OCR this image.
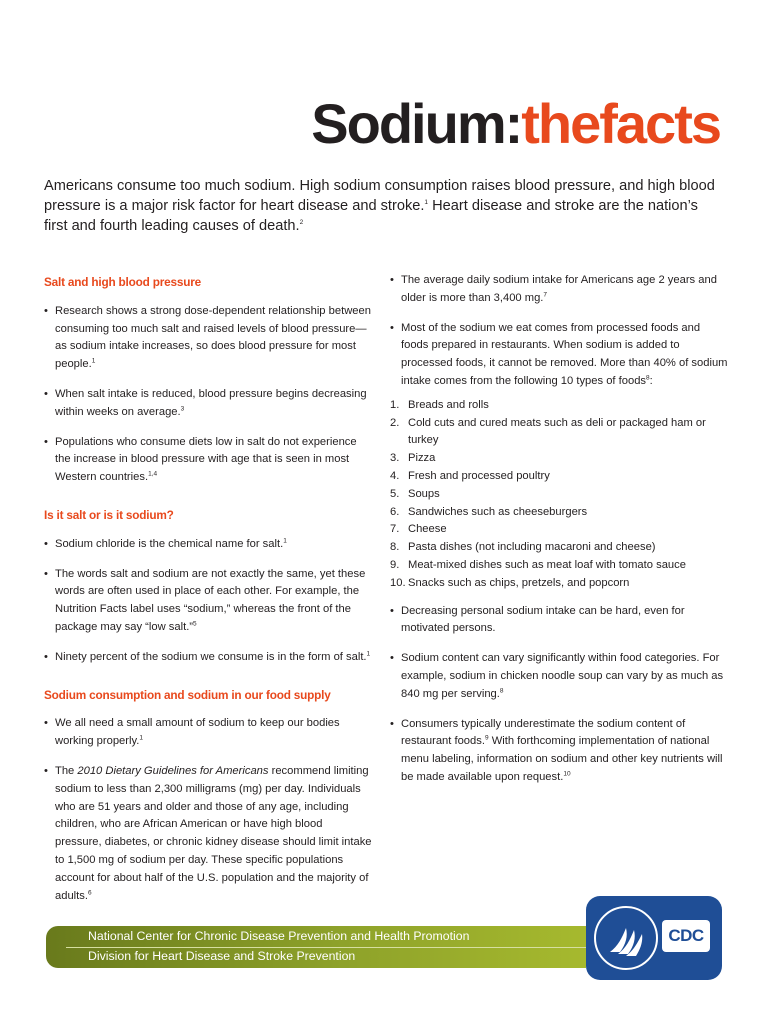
Sodium:thefacts

Americans consume too much sodium. High sodium consumption raises blood pressure, and high blood pressure is a major risk factor for heart disease and stroke.$^1$ Heart disease and stroke are the nation’s first and fourth leading causes of death.$^2$

Salt and high blood pressure
• Research shows a strong dose-dependent relationship between consuming too much salt and raised levels of blood pressure—as sodium intake increases, so does blood pressure for most people.$^1$
• When salt intake is reduced, blood pressure begins decreasing within weeks on average.$^3$
• Populations who consume diets low in salt do not experience the increase in blood pressure with age that is seen in most Western countries.$^{1,4}$
Is it salt or is it sodium?
• Sodium chloride is the chemical name for salt.$^1$
• The words salt and sodium are not exactly the same, yet these words are often used in place of each other. For example, the Nutrition Facts label uses “sodium,” whereas the front of the package may say “low salt.”$^5$
• Ninety percent of the sodium we consume is in the form of salt.$^1$
Sodium consumption and sodium in our food supply
• We all need a small amount of sodium to keep our bodies working properly.$^1$
• The 2010 Dietary Guidelines for Americans recommend limiting sodium to less than 2,300 milligrams (mg) per day. Individuals who are 51 years and older and those of any age, including children, who are African American or have high blood pressure, diabetes, or chronic kidney disease should limit intake to 1,500 mg of sodium per day. These specific populations account for about half of the U.S. population and the majority of adults.$^6$
• The average daily sodium intake for Americans age 2 years and older is more than 3,400 mg.$^7$
• Most of the sodium we eat comes from processed foods and foods prepared in restaurants. When sodium is added to processed foods, it cannot be removed. More than 40% of sodium intake comes from the following 10 types of foods$^8$:
1. Breads and rolls
2. Cold cuts and cured meats such as deli or packaged ham or turkey
3. Pizza
4. Fresh and processed poultry
5. Soups
6. Sandwiches such as cheeseburgers
7. Cheese
8. Pasta dishes (not including macaroni and cheese)
9. Meat-mixed dishes such as meat loaf with tomato sauce
10. Snacks such as chips, pretzels, and popcorn
• Decreasing personal sodium intake can be hard, even for motivated persons.
• Sodium content can vary significantly within food categories. For example, sodium in chicken noodle soup can vary by as much as 840 mg per serving.$^8$
• Consumers typically underestimate the sodium content of restaurant foods.$^9$ With forthcoming implementation of national menu labeling, information on sodium and other key nutrients will be made available upon request.$^{10}$
National Center for Chronic Disease Prevention and Health Promotion
Division for Heart Disease and Stroke Prevention
CDC
